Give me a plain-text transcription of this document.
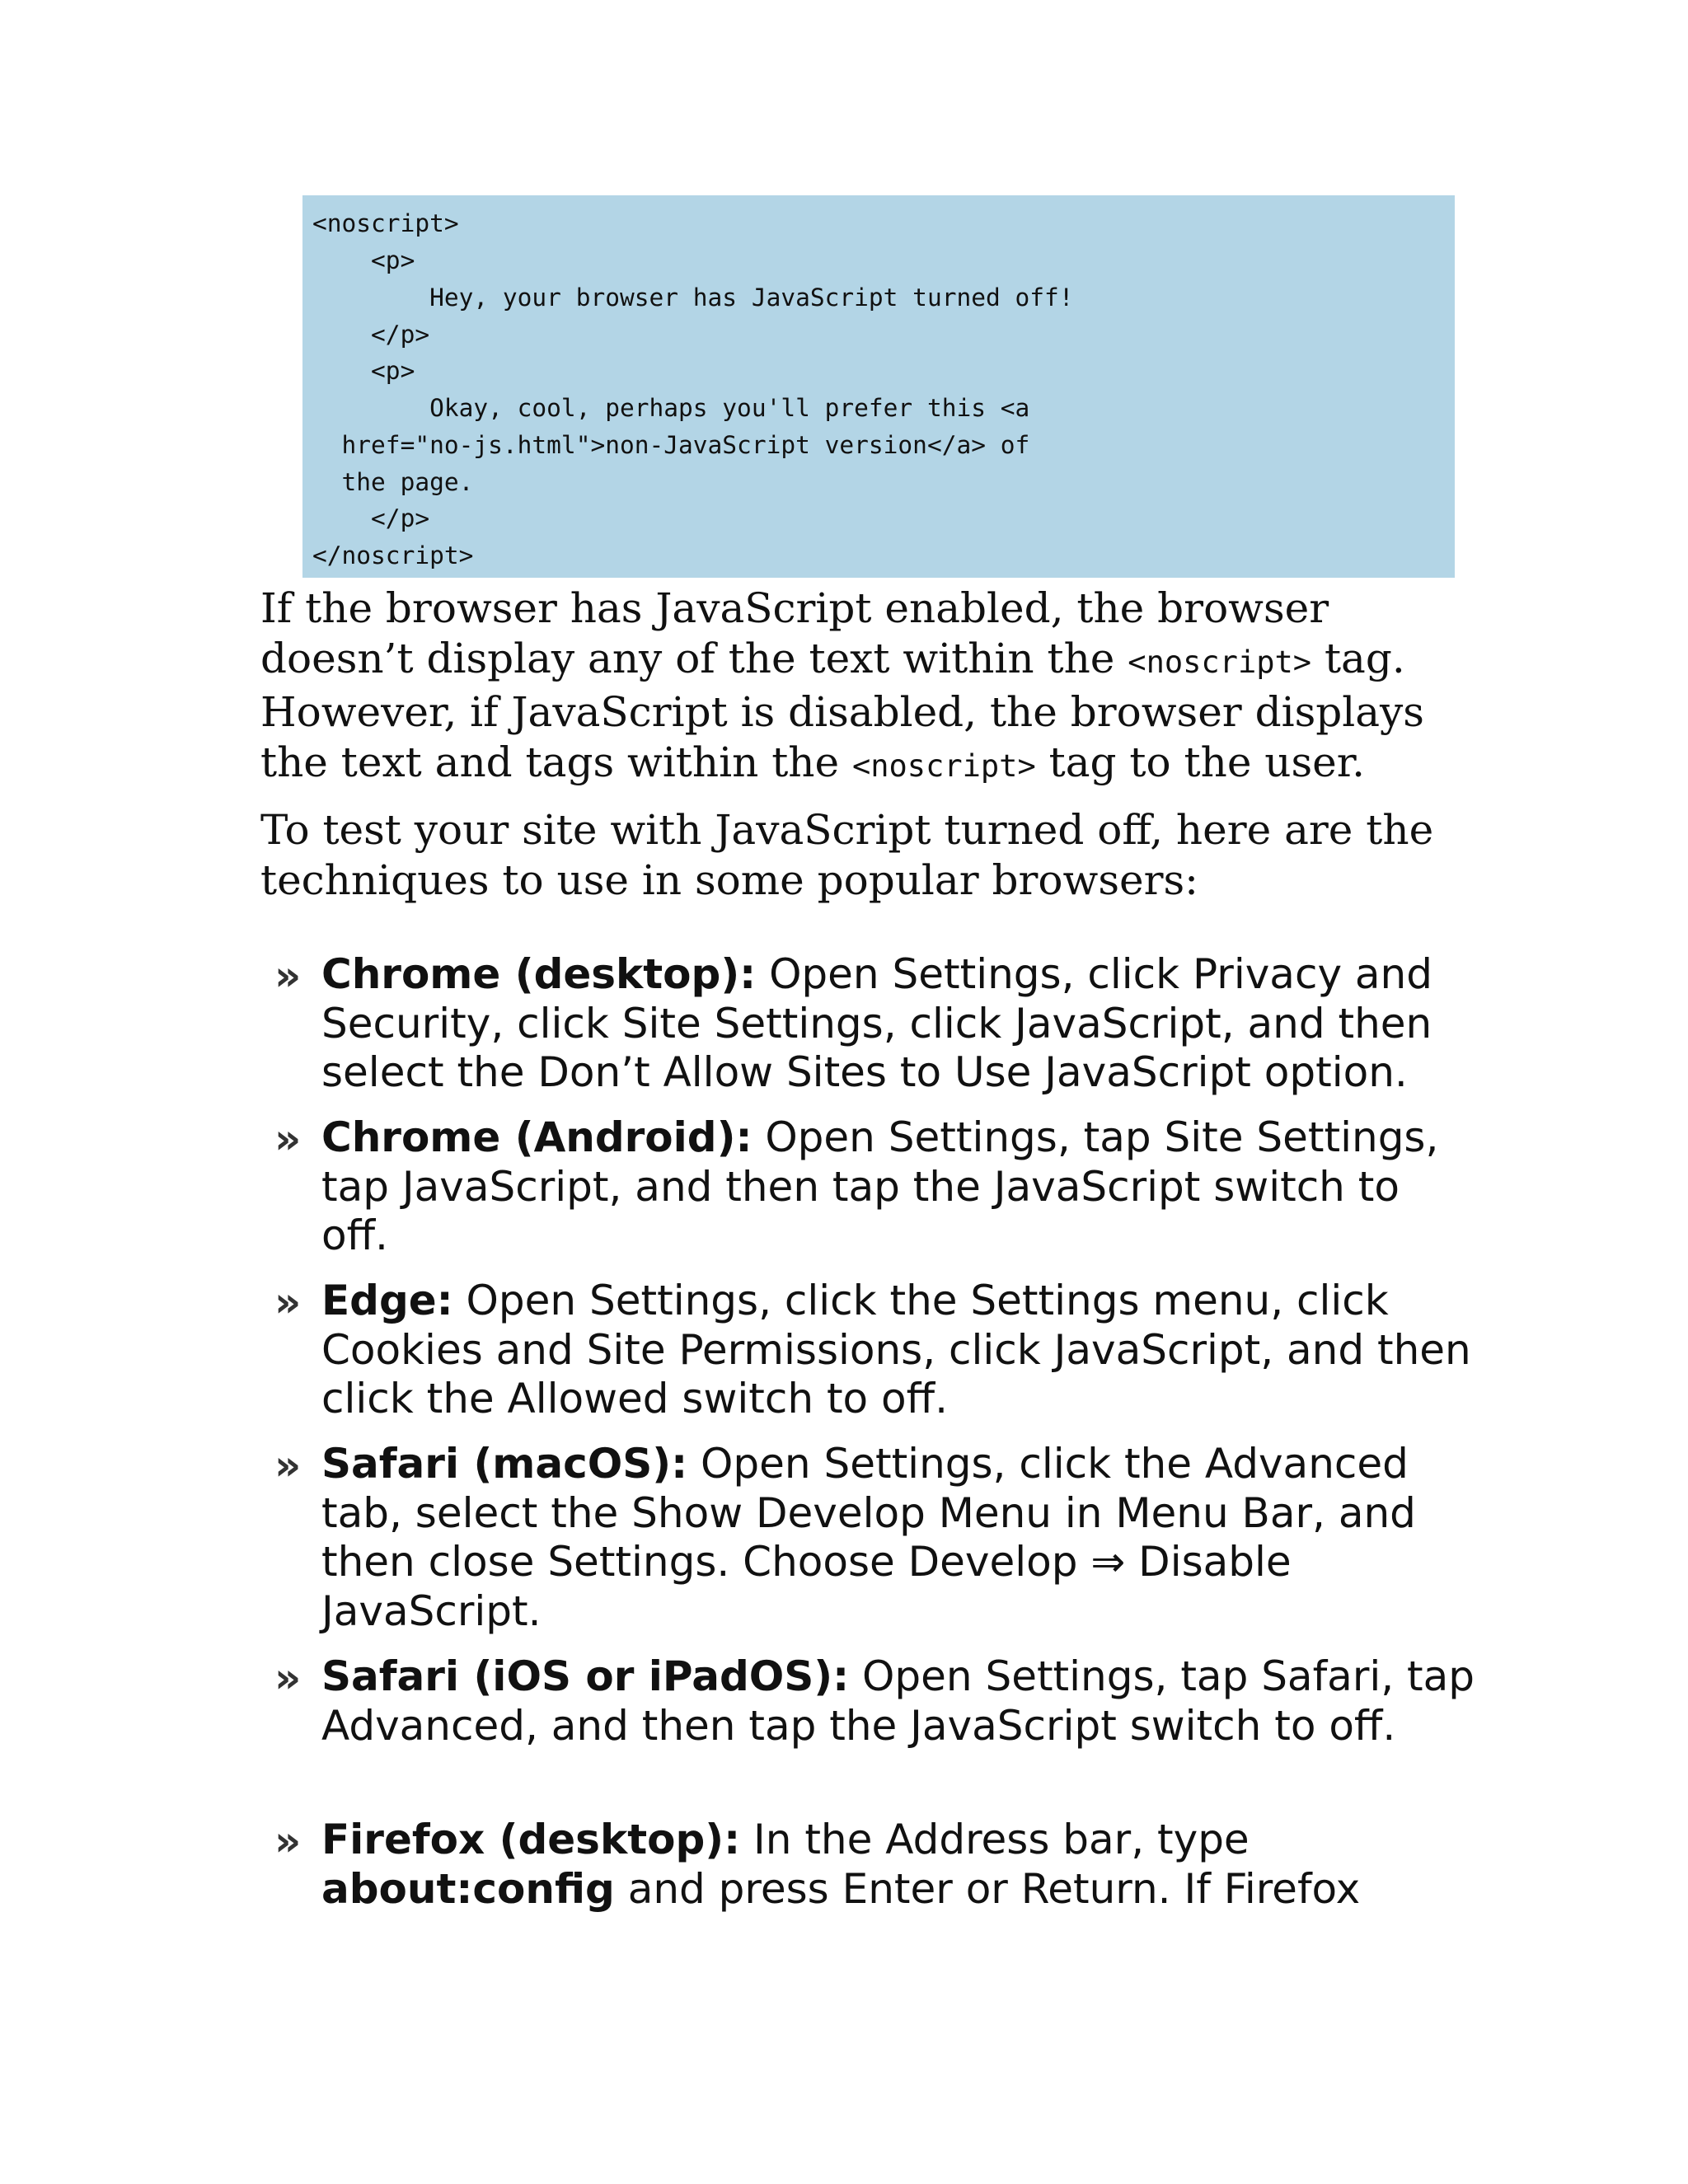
<noscript>
<p>
Hey, your browser has JavaScript turned off!
</p>
<p>
Okay, cool, perhaps you'll prefer this <a
href="no-js.html">non-JavaScript version</a> of
the page.
</p>
</noscript>

If the browser has JavaScript enabled, the browser doesn’t display any of the text within the <noscript> tag. However, if JavaScript is disabled, the browser displays the text and tags within the <noscript> tag to the user.

To test your site with JavaScript turned off, here are the techniques to use in some popular browsers:

» Chrome (desktop): Open Settings, click Privacy and Security, click Site Settings, click JavaScript, and then select the Don’t Allow Sites to Use JavaScript option.

» Chrome (Android): Open Settings, tap Site Settings, tap JavaScript, and then tap the JavaScript switch to off.

» Edge: Open Settings, click the Settings menu, click Cookies and Site Permissions, click JavaScript, and then click the Allowed switch to off.

» Safari (macOS): Open Settings, click the Advanced tab, select the Show Develop Menu in Menu Bar, and then close Settings. Choose Develop ⇒ Disable JavaScript.

» Safari (iOS or iPadOS): Open Settings, tap Safari, tap Advanced, and then tap the JavaScript switch to off.

» Firefox (desktop): In the Address bar, type about:config and press Enter or Return. If Firefox
